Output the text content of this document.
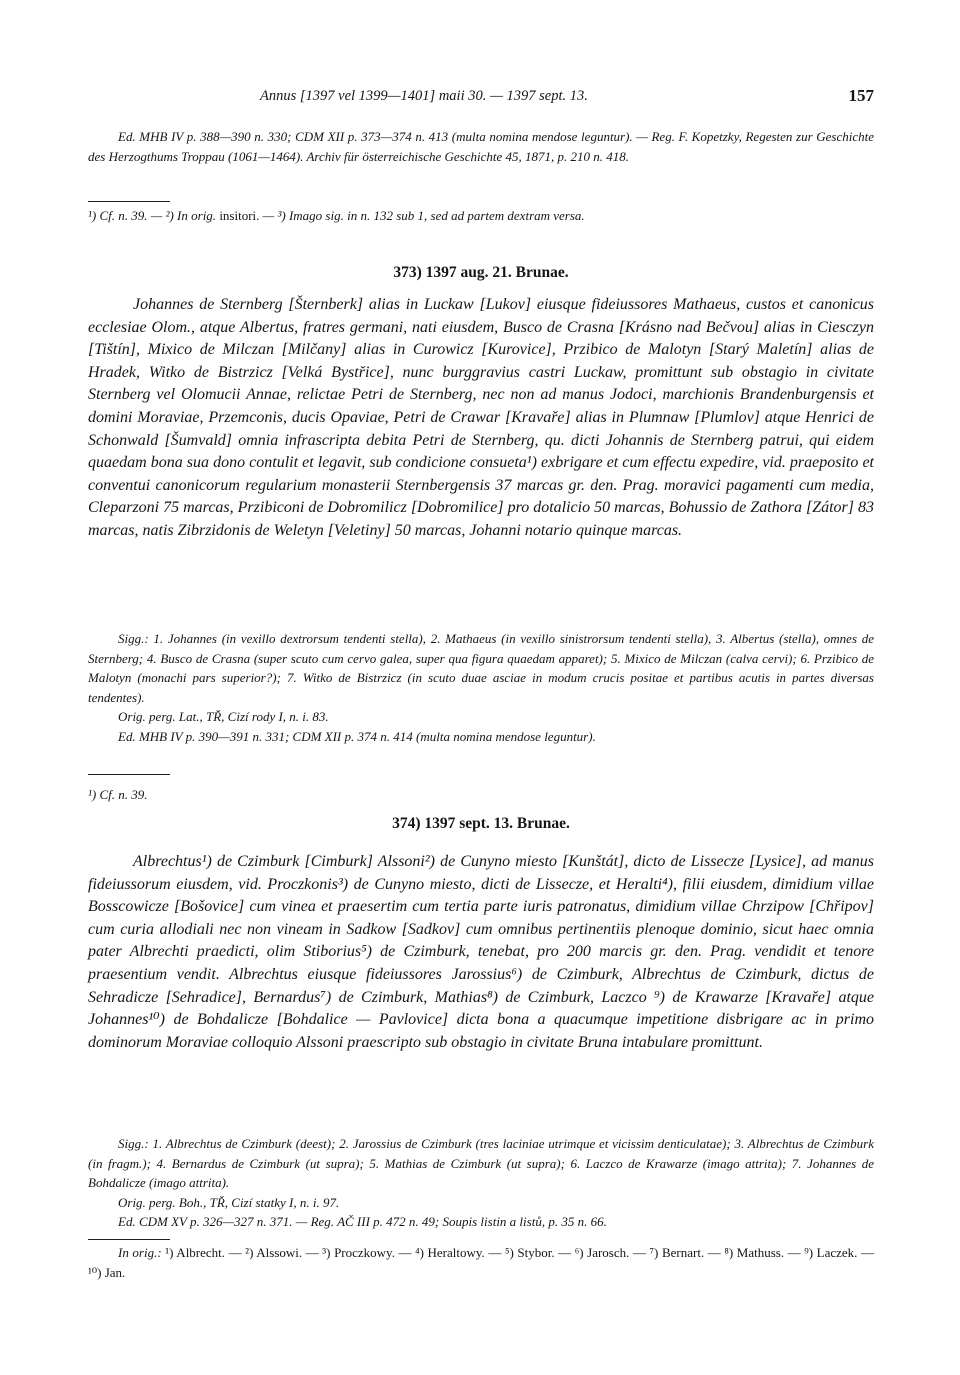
Annus [1397 vel 1399—1401] maii 30. — 1397 sept. 13.	157

Ed. MHB IV p. 388—390 n. 330; CDM XII p. 373—374 n. 413 (multa nomina mendose leguntur). — Reg. F. Kopetzky, Regesten zur Geschichte des Herzogthums Troppau (1061—1464). Archiv für österreichische Geschichte 45, 1871, p. 210 n. 418.

¹) Cf. n. 39. — ²) In orig. insitori. — ³) Imago sig. in n. 132 sub 1, sed ad partem dextram versa.

373) 1397 aug. 21. Brunae.

Johannes de Sternberg [Šternberk] alias in Luckaw [Lukov] eiusque fideiussores Mathaeus, custos et canonicus ecclesiae Olom., atque Albertus, fratres germani, nati eiusdem, Busco de Crasna [Krásno nad Bečvou] alias in Ciesczyn [Tištín], Mixico de Milczan [Milčany] alias in Curowicz [Kurovice], Przibico de Malotyn [Starý Maletín] alias de Hradek, Witko de Bistrzicz [Velká Bystřice], nunc burggravius castri Luckaw, promittunt sub obstagio in civitate Sternberg vel Olomucii Annae, relictae Petri de Sternberg, nec non ad manus Jodoci, marchionis Brandenburgensis et domini Moraviae, Przemconis, ducis Opaviae, Petri de Crawar [Kravaře] alias in Plumnaw [Plumlov] atque Henrici de Schonwald [Šumvald] omnia infrascripta debita Petri de Sternberg, qu. dicti Johannis de Sternberg patrui, qui eidem quaedam bona sua dono contulit et legavit, sub condicione consueta¹) exbrigare et cum effectu expedire, vid. praeposito et conventui canonicorum regularium monasterii Sternbergensis 37 marcas gr. den. Prag. moravici pagamenti cum media, Cleparzoni 75 marcas, Przibiconi de Dobromilicz [Dobromilice] pro dotalicio 50 marcas, Bohussio de Zathora [Zátor] 83 marcas, natis Zibrzidonis de Weletyn [Veletiny] 50 marcas, Johanni notario quinque marcas.

Sigg.: 1. Johannes (in vexillo dextrorsum tendenti stella), 2. Mathaeus (in vexillo sinistrorsum tendenti stella), 3. Albertus (stella), omnes de Sternberg; 4. Busco de Crasna (super scuto cum cervo galea, super qua figura quaedam apparet); 5. Mixico de Milczan (calva cervi); 6. Przibico de Malotyn (monachi pars superior?); 7. Witko de Bistrzicz (in scuto duae asciae in modum crucis positae et partibus acutis in partes diversas tendentes).

Orig. perg. Lat., TŘ, Cizí rody I, n. i. 83.

Ed. MHB IV p. 390—391 n. 331; CDM XII p. 374 n. 414 (multa nomina mendose leguntur).

¹) Cf. n. 39.

374) 1397 sept. 13. Brunae.

Albrechtus¹) de Czimburk [Cimburk] Alssoni²) de Cunyno miesto [Kunštát], dicto de Lissecze [Lysice], ad manus fideiussorum eiusdem, vid. Proczkonis³) de Cunyno miesto, dicti de Lissecze, et Heralti⁴), filii eiusdem, dimidium villae Bosscowicze [Bošovice] cum vinea et praesertim cum tertia parte iuris patronatus, dimidium villae Chrzipow [Chřipov] cum curia allodiali nec non vineam in Sadkow [Sadkov] cum omnibus pertinentiis plenoque dominio, sicut haec omnia pater Albrechti praedicti, olim Stiborius⁵) de Czimburk, tenebat, pro 200 marcis gr. den. Prag. vendidit et tenore praesentium vendit. Albrechtus eiusque fideiussores Jarossius⁶) de Czimburk, Albrechtus de Czimburk, dictus de Sehradicze [Sehradice], Bernardus⁷) de Czimburk, Mathias⁸) de Czimburk, Laczco ⁹) de Krawarze [Kravaře] atque Johannes¹⁰) de Bohdalicze [Bohdalice — Pavlovice] dicta bona a quacumque impetitione disbrigare ac in primo dominorum Moraviae colloquio Alssoni praescripto sub obstagio in civitate Bruna intabulare promittunt.

Sigg.: 1. Albrechtus de Czimburk (deest); 2. Jarossius de Czimburk (tres laciniae utrimque et vicissim denticulatae); 3. Albrechtus de Czimburk (in fragm.); 4. Bernardus de Czimburk (ut supra); 5. Mathias de Czimburk (ut supra); 6. Laczco de Krawarze (imago attrita); 7. Johannes de Bohdalicze (imago attrita).

Orig. perg. Boh., TŘ, Cizí statky I, n. i. 97.

Ed. CDM XV p. 326—327 n. 371. — Reg. AČ III p. 472 n. 49; Soupis listin a listů, p. 35 n. 66.

In orig.: ¹) Albrecht. — ²) Alssowi. — ³) Proczkowy. — ⁴) Heraltowy. — ⁵) Stybor. — ⁶) Jarosch. — ⁷) Bernart. — ⁸) Mathuss. — ⁹) Laczek. — ¹⁰) Jan.
